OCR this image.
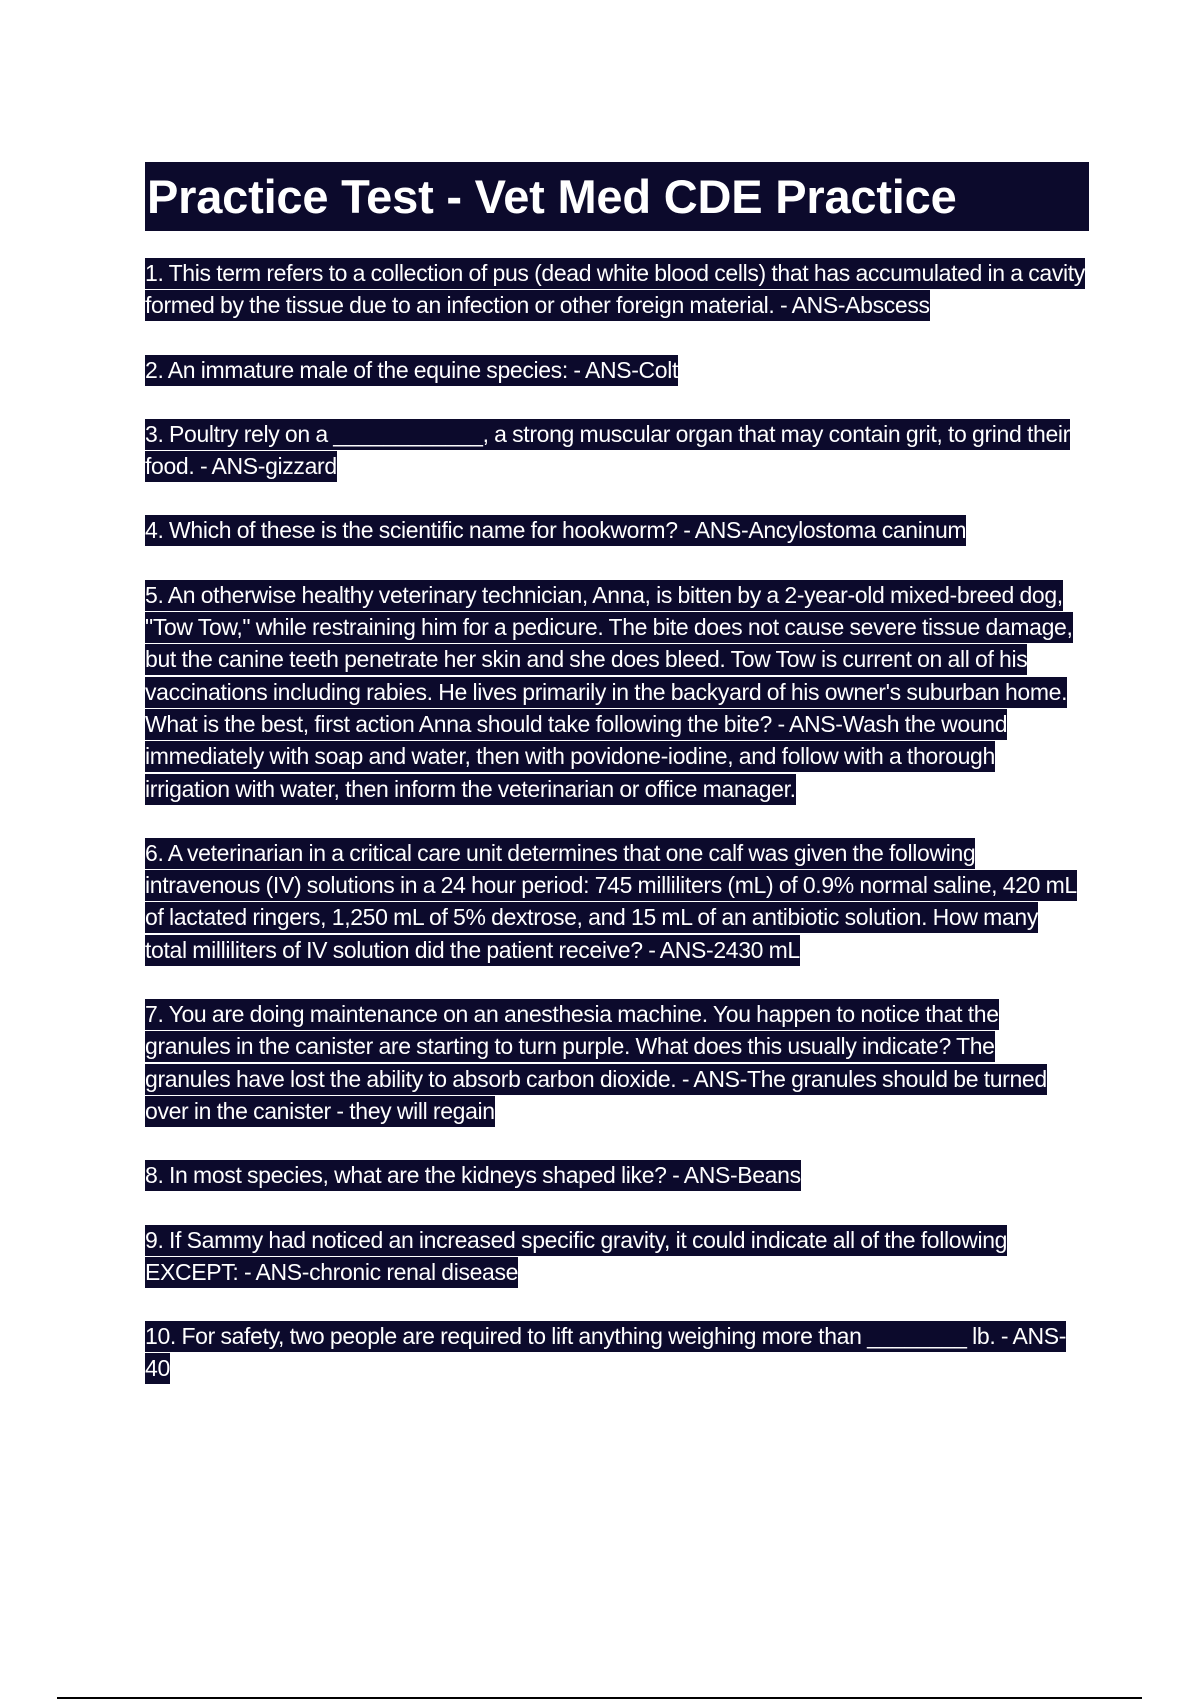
Practice Test - Vet Med CDE Practice

1. This term refers to a collection of pus (dead white blood cells) that has accumulated in a cavity formed by the tissue due to an infection or other foreign material. - ANS-Abscess

2. An immature male of the equine species: - ANS-Colt

3. Poultry rely on a ____________, a strong muscular organ that may contain grit, to grind their food. - ANS-gizzard

4. Which of these is the scientific name for hookworm? - ANS-Ancylostoma caninum

5. An otherwise healthy veterinary technician, Anna, is bitten by a 2-year-old mixed-breed dog, "Tow Tow," while restraining him for a pedicure. The bite does not cause severe tissue damage, but the canine teeth penetrate her skin and she does bleed. Tow Tow is current on all of his vaccinations including rabies. He lives primarily in the backyard of his owner's suburban home. What is the best, first action Anna should take following the bite? - ANS-Wash the wound immediately with soap and water, then with povidone-iodine, and follow with a thorough irrigation with water, then inform the veterinarian or office manager.

6. A veterinarian in a critical care unit determines that one calf was given the following intravenous (IV) solutions in a 24 hour period: 745 milliliters (mL) of 0.9% normal saline, 420 mL of lactated ringers, 1,250 mL of 5% dextrose, and 15 mL of an antibiotic solution. How many total milliliters of IV solution did the patient receive? - ANS-2430 mL

7. You are doing maintenance on an anesthesia machine. You happen to notice that the granules in the canister are starting to turn purple. What does this usually indicate? The granules have lost the ability to absorb carbon dioxide. - ANS-The granules should be turned over in the canister - they will regain

8. In most species, what are the kidneys shaped like? - ANS-Beans

9. If Sammy had noticed an increased specific gravity, it could indicate all of the following EXCEPT: - ANS-chronic renal disease

10. For safety, two people are required to lift anything weighing more than ________ lb. - ANS-40
